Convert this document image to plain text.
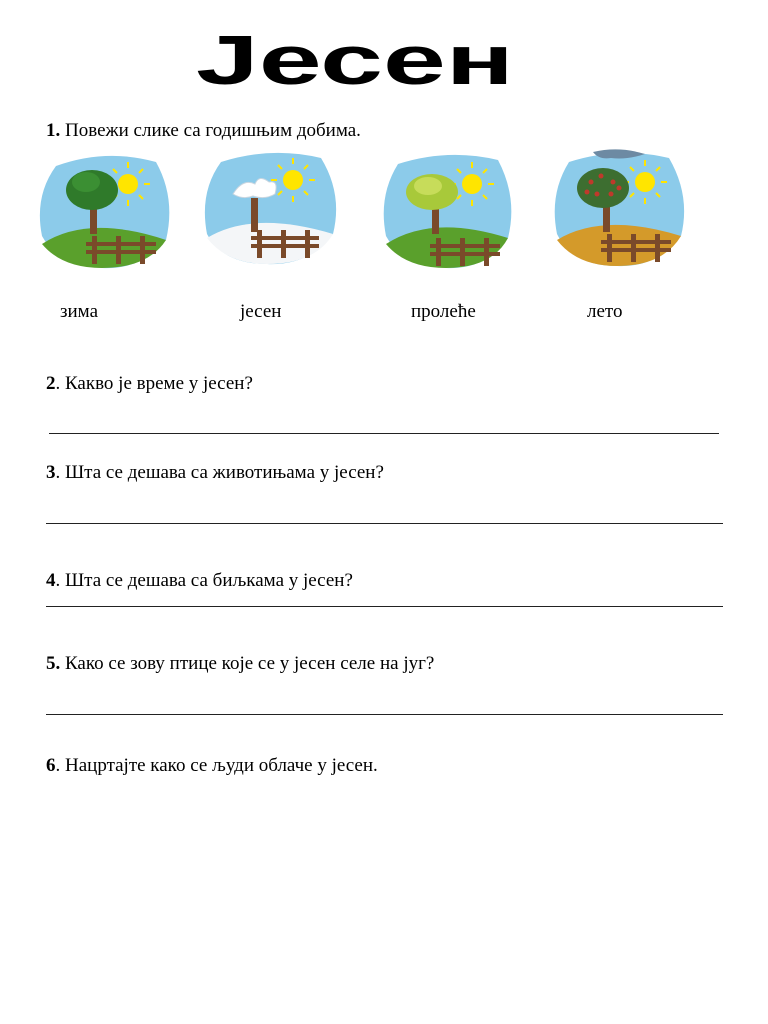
Јесен
1. Повежи слике са годишњим добима.
зима	јесен	пролеће	лето
2. Какво је време у јесен?
3. Шта се дешава са животињама у јесен?
4. Шта се дешава са биљкама у јесен?
5. Како се зову птице које се у јесен селе на југ?
6. Нацртајте како се људи облаче у јесен.
